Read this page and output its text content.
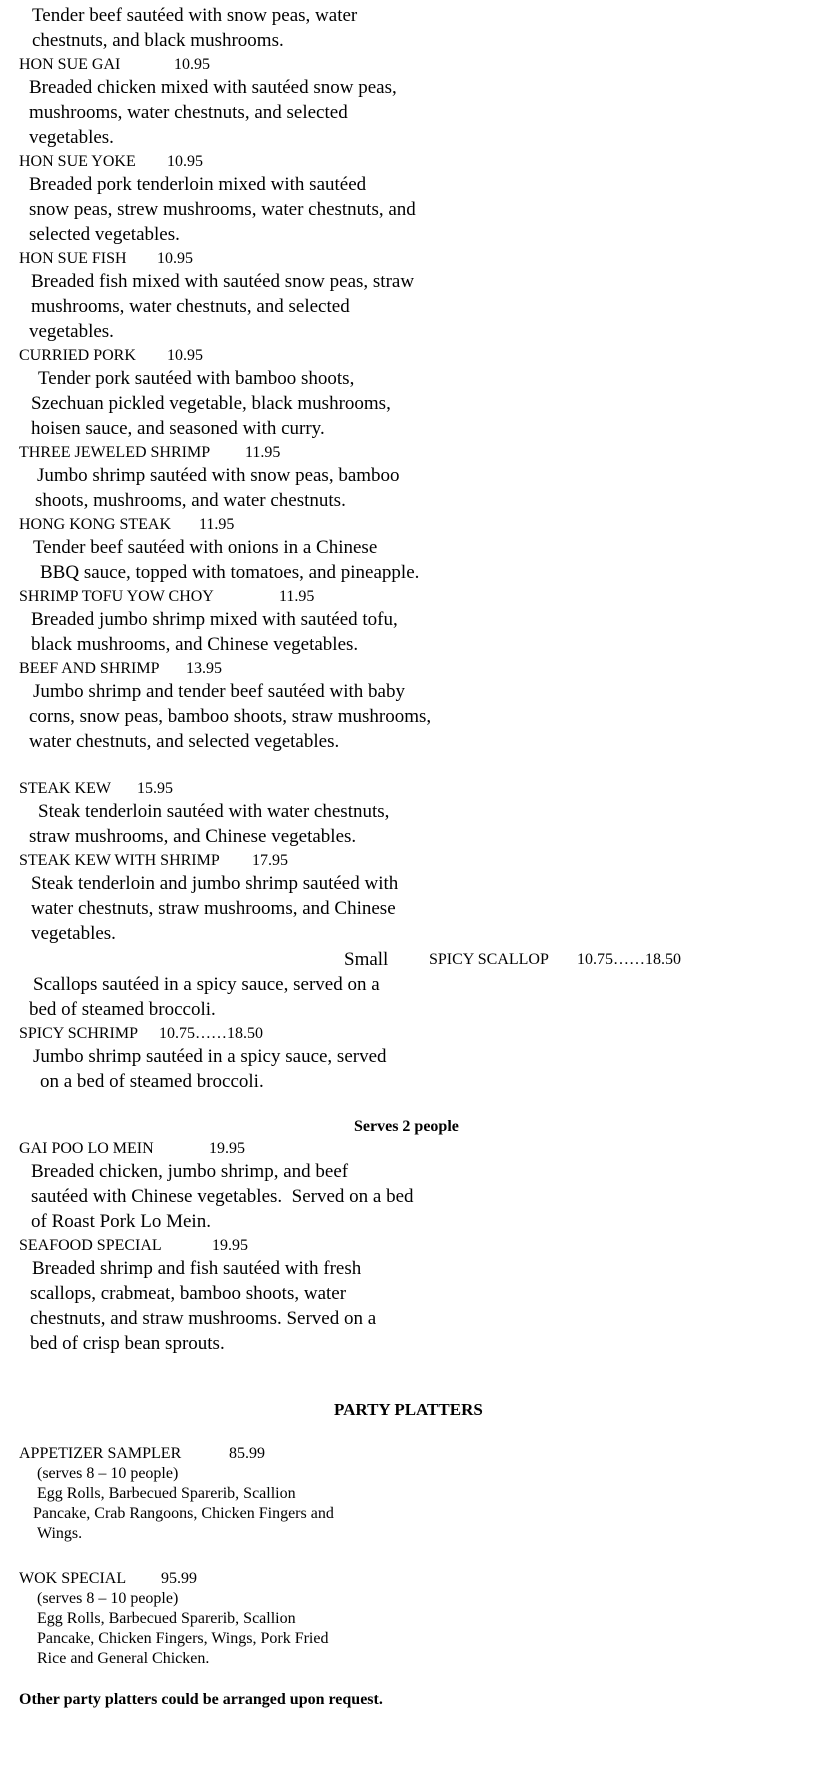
Tender beef sautéed with snow peas, water
chestnuts, and black mushrooms.
HON SUE GAI	10.95
Breaded chicken mixed with sautéed snow peas,
mushrooms, water chestnuts, and selected
vegetables.
HON SUE YOKE 10.95
Breaded pork tenderloin mixed with sautéed
snow peas, strew mushrooms, water chestnuts, and
selected vegetables.
HON SUE FISH 10.95
Breaded fish mixed with sautéed snow peas, straw
mushrooms, water chestnuts, and selected
vegetables.
CURRIED PORK 10.95
Tender pork sautéed with bamboo shoots,
Szechuan pickled vegetable, black mushrooms,
hoisen sauce, and seasoned with curry.
THREE JEWELED SHRIMP 11.95
Jumbo shrimp sautéed with snow peas, bamboo
shoots, mushrooms, and water chestnuts.
HONG KONG STEAK 11.95
Tender beef sautéed with onions in a Chinese
BBQ sauce, topped with tomatoes, and pineapple.
SHRIMP TOFU YOW CHOY	11.95
Breaded jumbo shrimp mixed with sautéed tofu,
black mushrooms, and Chinese vegetables.
BEEF AND SHRIMP 13.95
Jumbo shrimp and tender beef sautéed with baby
corns, snow peas, bamboo shoots, straw mushrooms,
water chestnuts, and selected vegetables.
STEAK KEW 15.95
Steak tenderloin sautéed with water chestnuts,
straw mushrooms, and Chinese vegetables.
STEAK KEW WITH SHRIMP 17.95
Steak tenderloin and jumbo shrimp sautéed with
water chestnuts, straw mushrooms, and Chinese
vegetables.
Small	SPICY SCALLOP 10.75……18.50
Scallops sautéed in a spicy sauce, served on a
bed of steamed broccoli.
SPICY SCHRIMP 10.75……18.50
Jumbo shrimp sautéed in a spicy sauce, served
on a bed of steamed broccoli.
Serves 2 people
GAI POO LO MEIN	19.95
Breaded chicken, jumbo shrimp, and beef
sautéed with Chinese vegetables.  Served on a bed
of Roast Pork Lo Mein.
SEAFOOD SPECIAL	19.95
Breaded shrimp and fish sautéed with fresh
scallops, crabmeat, bamboo shoots, water
chestnuts, and straw mushrooms. Served on a
bed of crisp bean sprouts.
PARTY PLATTERS
APPETIZER SAMPLER	85.99
(serves 8 – 10 people)
Egg Rolls, Barbecued Sparerib, Scallion
Pancake, Crab Rangoons, Chicken Fingers and
Wings.
WOK SPECIAL 95.99
(serves 8 – 10 people)
Egg Rolls, Barbecued Sparerib, Scallion
Pancake, Chicken Fingers, Wings, Pork Fried
Rice and General Chicken.
Other party platters could be arranged upon request.
